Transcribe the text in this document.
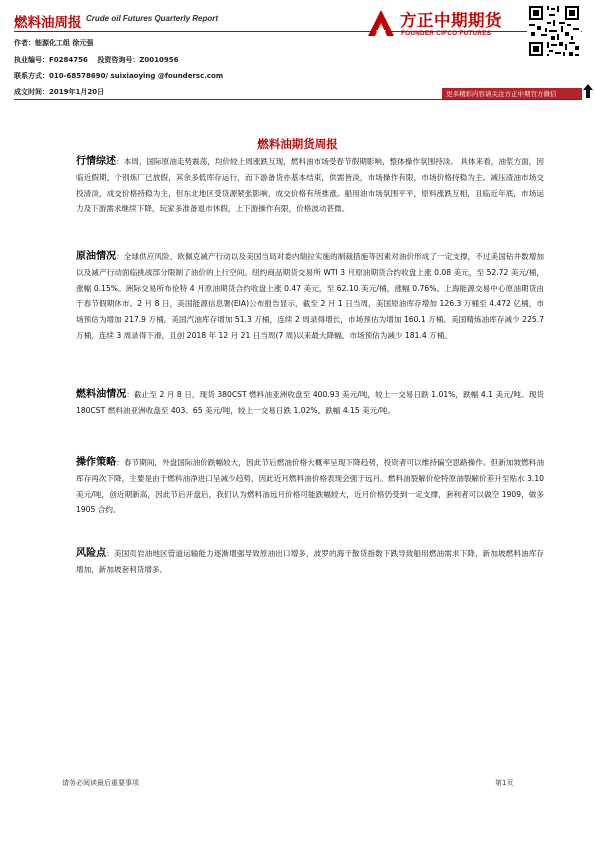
燃料油周报 Crude oil Futures Quarterly Report
作者：能源化工组 徐元强
执业编号：F0284756　 投资咨询号：Z0010956
联系方式：010-68578690/ suixiaoying @foundersc.com
成文时间：2019年1月20日
方正中期期货
FOUNDER CIFCO FUTURES
更多精彩内容请关注方正中期官方微信
燃料油期货周报
行情综述：本周，国际原油走势震荡，均价较上周涨跌互现，燃料油市场受春节假期影响，整体操作氛围持淡。 具体来看，油浆方面，因临近假期，个别炼厂已放假，其余多低库存运行，而下游备货亦基本结束，供需皆淡，市场操作有限，市场价格持稳为主。减压渣油市场交投清淡，成交价格持稳为主，但东北地区受货源紧张影响，成交价格有所推涨。船用油市场氛围平平，原料涨跌互相，且临近年底，市场运力及下游需求继续下降，玩家多准备退市休假，上下游操作有限，价格波动甚微。
原油情况：全球供应风险、欧佩克减产行动以及美国当局对委内瑞拉实施的制裁措施等因素对油价形成了一定支撑，不过美国钻井数增加以及减产行动面临挑战部分限制了油价的上行空间。纽约商品期货交易所 WTI 3 月原油期货合约收盘上涨 0.08 美元，至 52.72 美元/桶，涨幅 0.15%。洲际交易所布伦特 4 月原油期货合约收盘上涨 0.47 美元，至 62.10 美元/桶，涨幅 0.76%。上海能源交易中心原油期货由于春节假期休市。2 月 8 日，美国能源信息署(EIA)公布报告显示，截至 2 月 1 日当周，美国原油库存增加 126.3 万桶至 4.472 亿桶，市场预估为增加 217.9 万桶。美国汽油库存增加 51.3 万桶，连续 2 周录得增长，市场预估为增加 160.1 万桶。美国精炼油库存减少 225.7 万桶，连续 3 周录得下滑，且创 2018 年 12 月 21 日当周(7 周)以来最大降幅，市场预估为减少 181.4 万桶。
燃料油情况：截止至 2 月 8 日，现货 380CST 燃料油亚洲收盘至 400.93 美元/吨，较上一交易日跌 1.01%，跌幅 4.1 美元/吨。现货 180CST 燃料油亚洲收盘至 403。65 美元/吨，较上一交易日跌 1.02%。跌幅 4.15 美元/吨。
操作策略：春节期间，外盘国际油价跌幅较大，因此节后燃油价格大概率呈现下降趋势，投资者可以维持偏空思路操作。但新加坡燃料油库存再次下降，主要是由于燃料油净进口呈减少趋势，因此近月燃料油价格表现会强于远月。燃料油裂解价伦特原油裂解价差升至贴水 3.10 美元/吨，创近期新高，因此节后开盘后，我们认为燃料油远月价格可能跌幅较大，近月价格仍受到一定支撑，套利者可以做空 1909，做多 1905 合约。
风险点：美国页岩油地区管道运输能力逐渐增强导致原油出口增多，波罗的海干散货指数下跌导致船用燃油需求下降，新加坡燃料油库存增加，新加坡套利货增多。
请务必阅读最后重要事项	第1页
